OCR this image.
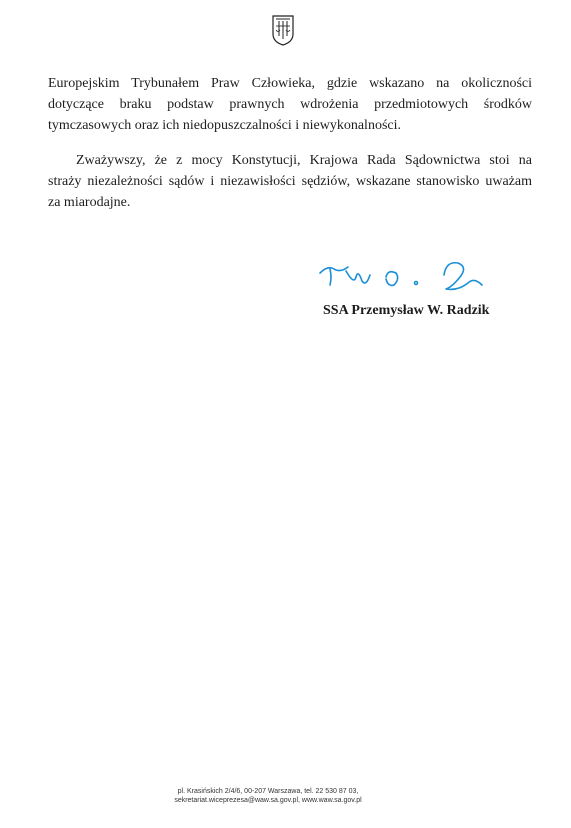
Europejskim Trybunałem Praw Człowieka, gdzie wskazano na okoliczności
dotyczące braku podstaw prawnych wdrożenia przedmiotowych środków
tymczasowych oraz ich niedopuszczalności i niewykonalności.
Zważywszy, że z mocy Konstytucji, Krajowa Rada Sądownictwa stoi na
straży niezależności sądów i niezawisłości sędziów, wskazane stanowisko uważam
za miarodajne.
SSA Przemysław W. Radzik
pl. Krasińskich 2/4/6, 00-207 Warszawa, tel. 22 530 87 03,
sekretariat.wiceprezesa@waw.sa.gov.pl, www.waw.sa.gov.pl
